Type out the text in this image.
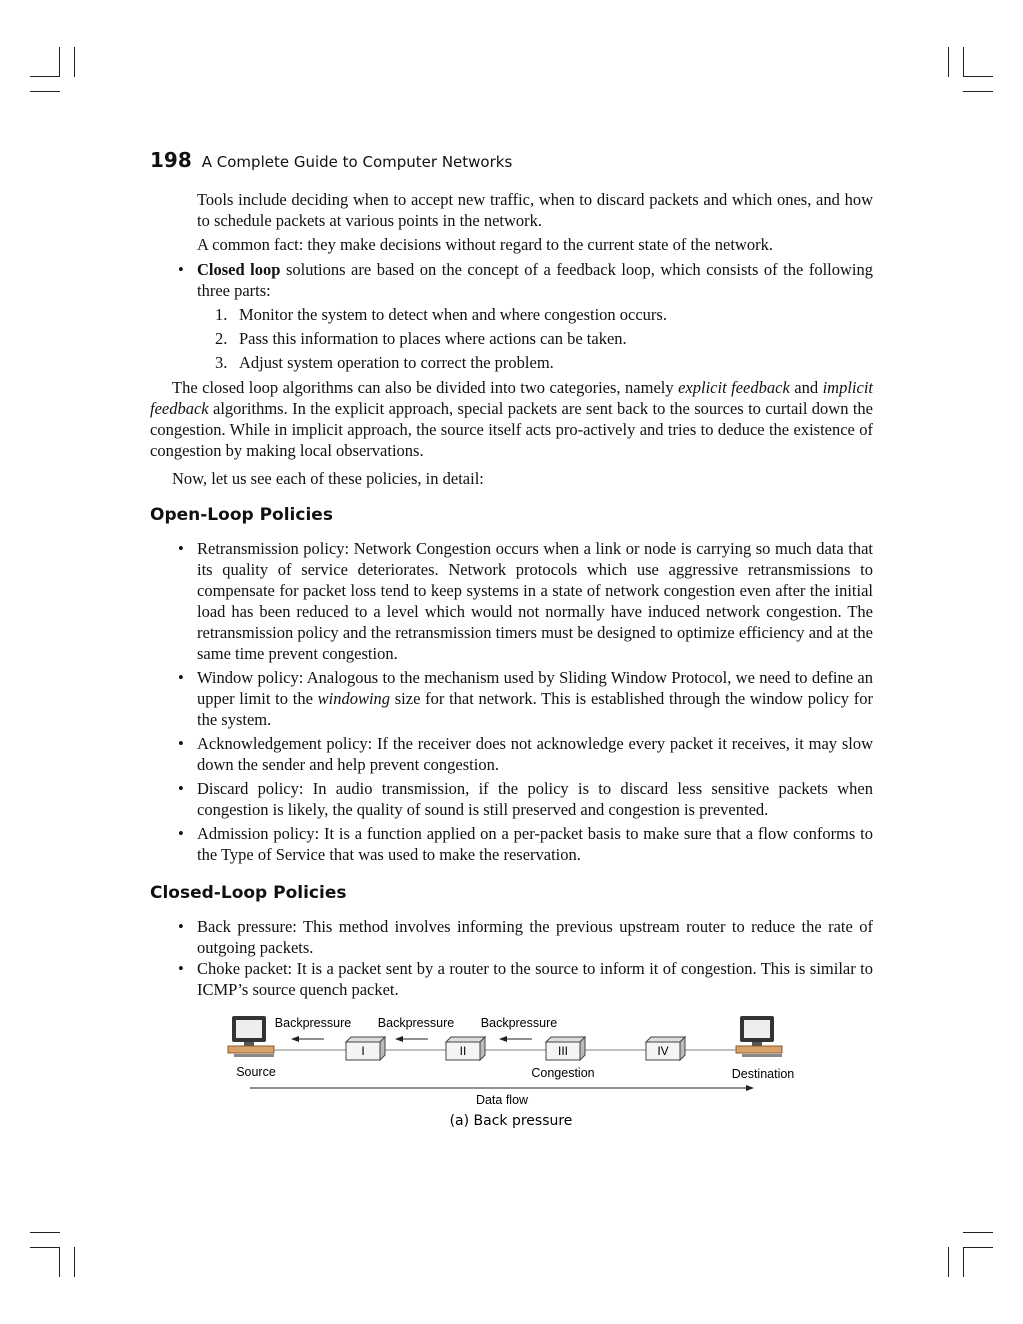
198 A Complete Guide to Computer Networks

Tools include deciding when to accept new traffic, when to discard packets and which ones, and how to schedule packets at various points in the network.

A common fact: they make decisions without regard to the current state of the network.

• Closed loop solutions are based on the concept of a feedback loop, which consists of the following three parts:

1. Monitor the system to detect when and where congestion occurs.
2. Pass this information to places where actions can be taken.
3. Adjust system operation to correct the problem.

The closed loop algorithms can also be divided into two categories, namely explicit feedback and implicit feedback algorithms. In the explicit approach, special packets are sent back to the sources to curtail down the congestion. While in implicit approach, the source itself acts pro-actively and tries to deduce the existence of congestion by making local observations.

Now, let us see each of these policies, in detail:

Open-Loop Policies
• Retransmission policy: Network Congestion occurs when a link or node is carrying so much data that its quality of service deteriorates. Network protocols which use aggressive retransmissions to compensate for packet loss tend to keep systems in a state of network congestion even after the initial load has been reduced to a level which would not normally have induced network congestion. The retransmission policy and the retransmission timers must be designed to optimize efficiency and at the same time prevent congestion.

• Window policy: Analogous to the mechanism used by Sliding Window Protocol, we need to define an upper limit to the windowing size for that network. This is established through the window policy for the system.

• Acknowledgement policy: If the receiver does not acknowledge every packet it receives, it may slow down the sender and help prevent congestion.

• Discard policy: In audio transmission, if the policy is to discard less sensitive packets when congestion is likely, the quality of sound is still preserved and congestion is prevented.

• Admission policy: It is a function applied on a per-packet basis to make sure that a flow conforms to the Type of Service that was used to make the reservation.

Closed-Loop Policies
• Back pressure: This method involves informing the previous upstream router to reduce the rate of outgoing packets.

• Choke packet: It is a packet sent by a router to the source to inform it of congestion. This is similar to ICMP’s source quench packet.

I	II	III	IV
Backpressure Backpressure Backpressure
Source	Congestion	Destination
Data flow
(a) Back pressure
